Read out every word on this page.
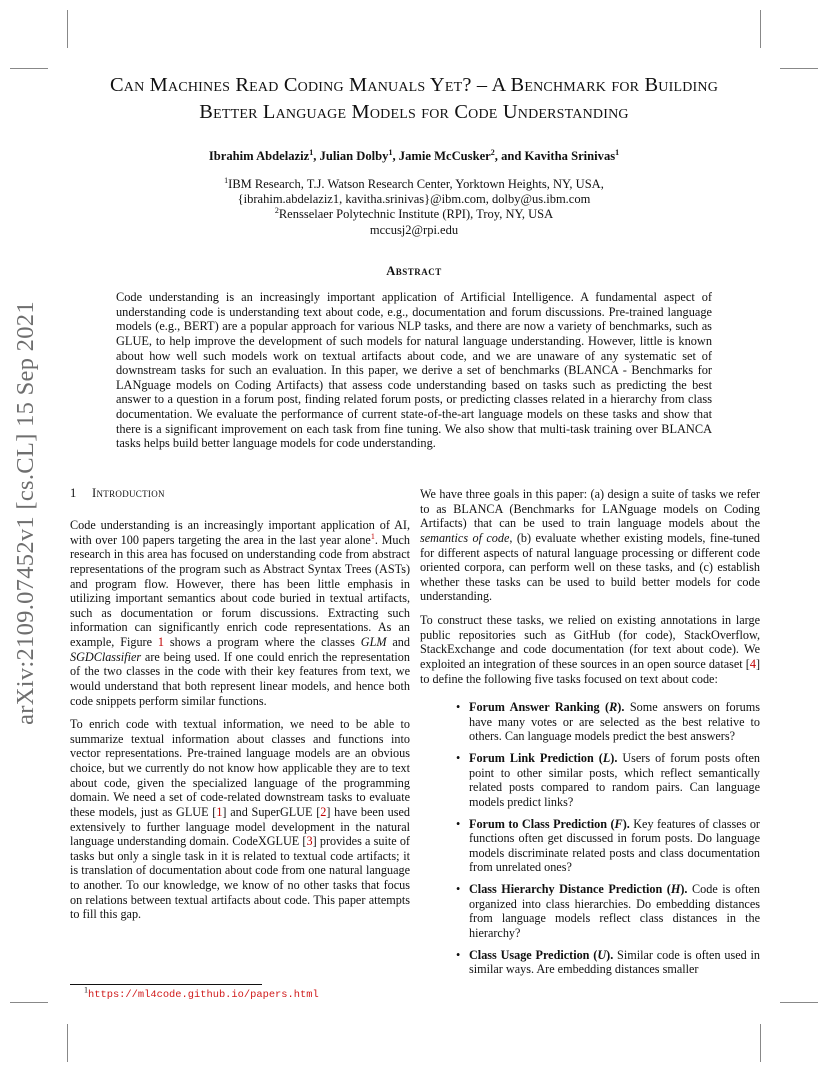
arXiv:2109.07452v1 [cs.CL] 15 Sep 2021
Can Machines Read Coding Manuals Yet? – A Benchmark for Building
Better Language Models for Code Understanding
Ibrahim Abdelaziz$^1$, Julian Dolby$^1$, Jamie McCusker$^2$, and Kavitha Srinivas$^1$
$^1$IBM Research, T.J. Watson Research Center, Yorktown Heights, NY, USA,
{ibrahim.abdelaziz1, kavitha.srinivas}@ibm.com, dolby@us.ibm.com
$^2$Rensselaer Polytechnic Institute (RPI), Troy, NY, USA
mccusj2@rpi.edu
Abstract

Code understanding is an increasingly important application of Artificial Intelligence. A fundamental aspect of understanding code is understanding text about code, e.g., documentation and forum discussions. Pre-trained language models (e.g., BERT) are a popular approach for various NLP tasks, and there are now a variety of benchmarks, such as GLUE, to help improve the development of such models for natural language understanding. However, little is known about how well such models work on textual artifacts about code, and we are unaware of any systematic set of downstream tasks for such an evaluation. In this paper, we derive a set of benchmarks (BLANCA - Benchmarks for LANguage models on Coding Artifacts) that assess code understanding based on tasks such as predicting the best answer to a question in a forum post, finding related forum posts, or predicting classes related in a hierarchy from class documentation. We evaluate the performance of current state-of-the-art language models on these tasks and show that there is a significant improvement on each task from fine tuning. We also show that multi-task training over BLANCA tasks helps build better language models for code understanding.

1 Introduction

Code understanding is an increasingly important application of AI, with over 100 papers targeting the area in the last year alone$^1$. Much research in this area has focused on understanding code from abstract representations of the program such as Abstract Syntax Trees (ASTs) and program flow. However, there has been little emphasis in utilizing important semantics about code buried in textual artifacts, such as documentation or forum discussions. Extracting such information can significantly enrich code representations. As an example, Figure 1 shows a program where the classes GLM and SGDClassifier are being used. If one could enrich the representation of the two classes in the code with their key features from text, we would understand that both represent linear models, and hence both code snippets perform similar functions.

To enrich code with textual information, we need to be able to summarize textual information about classes and functions into vector representations. Pre-trained language models are an obvious choice, but we currently do not know how applicable they are to text about code, given the specialized language of the programming domain. We need a set of code-related downstream tasks to evaluate these models, just as GLUE [1] and SuperGLUE [2] have been used extensively to further language model development in the natural language understanding domain. CodeXGLUE [3] provides a suite of tasks but only a single task in it is related to textual code artifacts; it is translation of documentation about code from one natural language to another. To our knowledge, we know of no other tasks that focus on relations between textual artifacts about code. This paper attempts to fill this gap.

We have three goals in this paper: (a) design a suite of tasks we refer to as BLANCA (Benchmarks for LANguage models on Coding Artifacts) that can be used to train language models about the semantics of code, (b) evaluate whether existing models, fine-tuned for different aspects of natural language processing or different code oriented corpora, can perform well on these tasks, and (c) establish whether these tasks can be used to build better models for code understanding.

To construct these tasks, we relied on existing annotations in large public repositories such as GitHub (for code), StackOverflow, StackExchange and code documentation (for text about code). We exploited an integration of these sources in an open source dataset [4] to define the following five tasks focused on text about code:

• Forum Answer Ranking (R). Some answers on forums have many votes or are selected as the best relative to others. Can language models predict the best answers?
• Forum Link Prediction (L). Users of forum posts often point to other similar posts, which reflect semantically related posts compared to random pairs. Can language models predict links?
• Forum to Class Prediction (F). Key features of classes or functions often get discussed in forum posts. Do language models discriminate related posts and class documentation from unrelated ones?
• Class Hierarchy Distance Prediction (H). Code is often organized into class hierarchies. Do embedding distances from language models reflect class distances in the hierarchy?
• Class Usage Prediction (U). Similar code is often used in similar ways. Are embedding distances smaller
$^1$https://ml4code.github.io/papers.html
